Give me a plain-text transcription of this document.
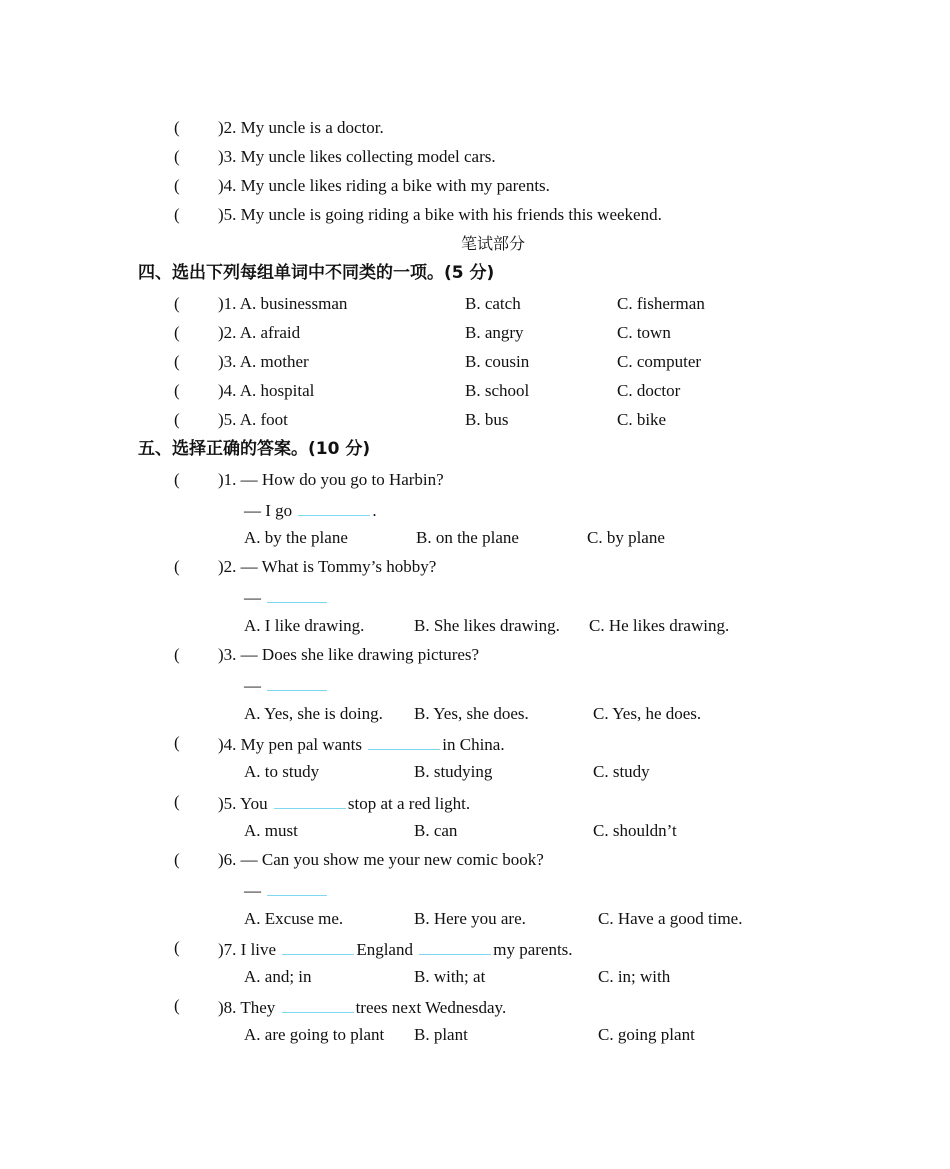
( )2. My uncle is a doctor.
( )3. My uncle likes collecting model cars.
( )4. My uncle likes riding a bike with my parents.
( )5. My uncle is going riding a bike with his friends this weekend.
笔试部分
四、选出下列每组单词中不同类的一项。(5 分)
( )1. A. businessman	B. catch	C. fisherman
( )2. A. afraid	B. angry	C. town
( )3. A. mother	B. cousin	C. computer
( )4. A. hospital	B. school	C. doctor
( )5. A. foot	B. bus	C. bike
五、选择正确的答案。(10 分)
( )1. — How do you go to Harbin?
— I go	.
A. by the plane	B. on the plane	C. by plane
( )2. — What is Tommy’s hobby?
—
A. I like drawing.	B. She likes drawing. C. He likes drawing.
( )3. — Does she like drawing pictures?
—
A. Yes, she is doing. B. Yes, she does.	C. Yes, he does.
( )4. My pen pal wants	in China.
A. to study	B. studying	C. study
( )5. You	stop at a red light.
A. must	B. can	C. shouldn’t
( )6. — Can you show me your new comic book?
—
A. Excuse me.	B. Here you are.	C. Have a good time.
( )7. I live	England	my parents.
A. and; in	B. with; at	C. in; with
( )8. They	trees next Wednesday.
A. are going to plant B. plant	C. going plant
